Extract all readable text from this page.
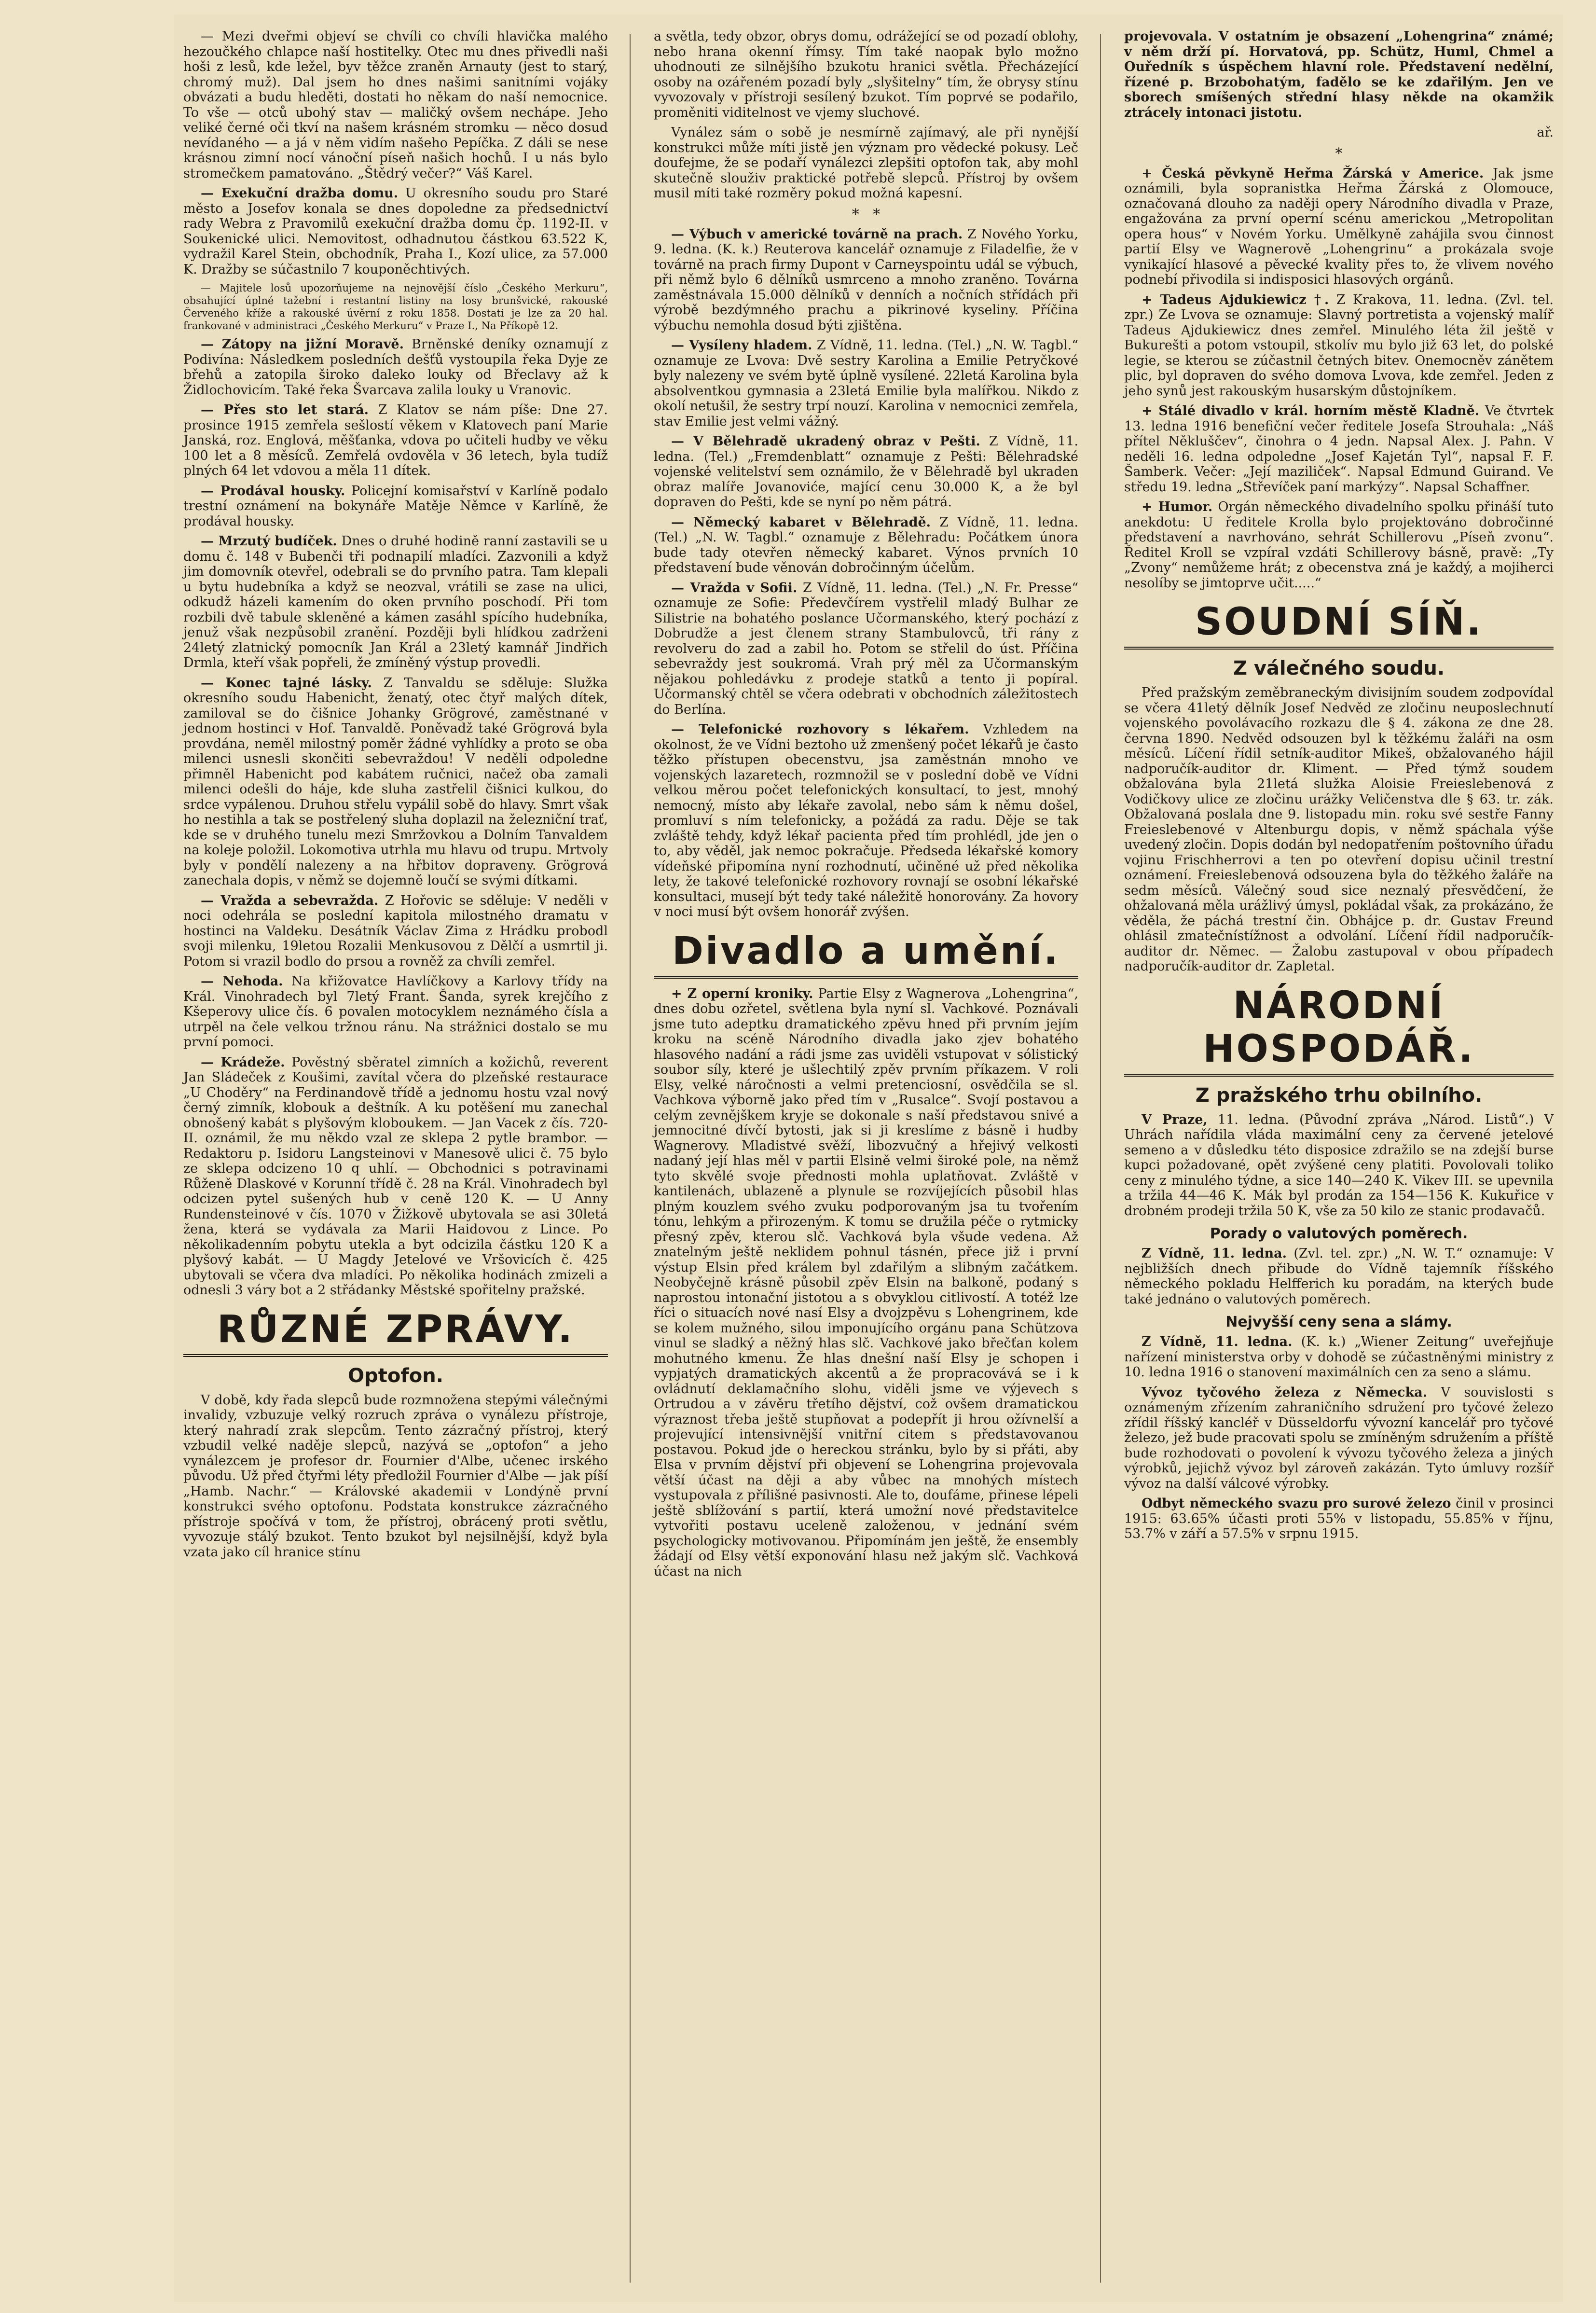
— Mezi dveřmi objeví se chvíli co chvíli hlavička malého hezoučkého chlapce naší hostitelky. Otec mu dnes přivedli naši hoši z lesů, kde ležel, byv těžce zraněn Arnauty (jest to starý, chromý muž). Dal jsem ho dnes našimi sanitními vojáky obvázati a budu hleděti, dostati ho někam do naší nemocnice. To vše — otců ubohý stav — maličký ovšem nechápe. Jeho veliké černé oči tkví na našem krásném stromku — něco dosud nevídaného — a já v něm vidím našeho Pepíčka. Z dáli se nese krásnou zimní nocí vánoční píseň našich hochů. I u nás bylo stromečkem pamatováno. „Štědrý večer?“ Váš Karel.

— Exekuční dražba domu. U okresního soudu pro Staré město a Josefov konala se dnes dopoledne za předsednictví rady Webra z Pravomilů exekuční dražba domu čp. 1192-II. v Soukenické ulici. Nemovitost, odhadnutou částkou 63.522 K, vydražil Karel Stein, obchodník, Praha I., Kozí ulice, za 57.000 K. Dražby se súčastnilo 7 kouponěchtivých.

— Majitele losů upozorňujeme na nejnovější číslo „Českého Merkuru“, obsahující úplné tažební i restantní listiny na losy brunšvické, rakouské Červeného kříže a rakouské úvěrní z roku 1858. Dostati je lze za 20 hal. frankované v administraci „Českého Merkuru“ v Praze I., Na Příkopě 12.

— Zátopy na jižní Moravě. Brněnské deníky oznamují z Podivína: Následkem posledních dešťů vystoupila řeka Dyje ze břehů a zatopila široko daleko louky od Břeclavy až k Židlochovicím. Také řeka Švarcava zalila louky u Vranovic.

— Přes sto let stará. Z Klatov se nám píše: Dne 27. prosince 1915 zemřela sešlostí věkem v Klatovech paní Marie Janská, roz. Englová, měšťanka, vdova po učiteli hudby ve věku 100 let a 8 měsíců. Zemřelá ovdověla v 36 letech, byla tudíž plných 64 let vdovou a měla 11 dítek.

— Prodával housky. Policejní komisařství v Karlíně podalo trestní oznámení na bokynáře Matěje Němce v Karlíně, že prodával housky.

— Mrzutý budíček. Dnes o druhé hodině ranní zastavili se u domu č. 148 v Bubenči tři podnapilí mladíci. Zazvonili a když jim domovník otevřel, odebrali se do prvního patra. Tam klepali u bytu hudebníka a když se neozval, vrátili se zase na ulici, odkudž házeli kamením do oken prvního poschodí. Při tom rozbili dvě tabule skleněné a kámen zasáhl spícího hudebníka, jenuž však nezpůsobil zranění. Později byli hlídkou zadrženi 24letý zlatnický pomocník Jan Král a 23letý kamnář Jindřich Drmla, kteří však popřeli, že zmíněný výstup provedli.

— Konec tajné lásky. Z Tanvaldu se sděluje: Služka okresního soudu Habenicht, ženatý, otec čtyř malých dítek, zamiloval se do čišnice Johanky Grögrové, zaměstnané v jednom hostinci v Hof. Tanvaldě. Poněvadž také Grögrová byla provdána, neměl milostný poměr žádné vyhlídky a proto se oba milenci usnesli skončiti sebevraždou! V neděli odpoledne přimněl Habenicht pod kabátem ručnici, načež oba zamali milenci odešli do háje, kde sluha zastřelil čišnici kulkou, do srdce vypálenou. Druhou střelu vypálil sobě do hlavy. Smrt však ho nestihla a tak se postřelený sluha doplazil na železniční trať, kde se v druhého tunelu mezi Smržovkou a Dolním Tanvaldem na koleje položil. Lokomotiva utrhla mu hlavu od trupu. Mrtvoly byly v pondělí nalezeny a na hřbitov dopraveny. Grögrová zanechala dopis, v němž se dojemně loučí se svými dítkami.

— Vražda a sebevražda. Z Hořovic se sděluje: V neděli v noci odehrála se poslední kapitola milostného dramatu v hostinci na Valdeku. Desátník Václav Zima z Hrádku probodl svoji milenku, 19letou Rozalii Menkusovou z Dělčí a usmrtil ji. Potom si vrazil bodlo do prsou a rovněž za chvíli zemřel.

— Nehoda. Na křižovatce Havlíčkovy a Karlovy třídy na Král. Vinohradech byl 7letý Frant. Šanda, syrek krejčího z Kšeperovy ulice čís. 6 povalen motocyklem neznámého čísla a utrpěl na čele velkou tržnou ránu. Na strážnici dostalo se mu první pomoci.

— Krádeže. Pověstný sběratel zimních a kožichů, reverent Jan Sládeček z Koušimi, zavítal včera do plzeňské restaurace „U Choděry“ na Ferdinandově třídě a jednomu hostu vzal nový černý zimník, klobouk a deštník. A ku potěšení mu zanechal obnošený kabát s plyšovým kloboukem. — Jan Vacek z čís. 720-II. oznámil, že mu někdo vzal ze sklepa 2 pytle brambor. — Redaktoru p. Isidoru Langsteinovi v Manesově ulici č. 75 bylo ze sklepa odcizeno 10 q uhlí. — Obchodnici s potravinami Růženě Dlaskové v Korunní třídě č. 28 na Král. Vinohradech byl odcizen pytel sušených hub v ceně 120 K. — U Anny Rundensteinové v čís. 1070 v Žižkově ubytovala se asi 30letá žena, která se vydávala za Marii Haidovou z Lince. Po několikadenním pobytu utekla a byt odcizila částku 120 K a plyšový kabát. — U Magdy Jetelové ve Vršovicích č. 425 ubytovali se včera dva mladíci. Po několika hodinách zmizeli a odnesli 3 váry bot a 2 střádanky Městské spořitelny pražské.

RŮZNÉ ZPRÁVY.
Optofon.

V době, kdy řada slepců bude rozmnožena stepými válečnými invalidy, vzbuzuje velký rozruch zpráva o vynálezu přístroje, který nahradí zrak slepcům. Tento zázračný přístroj, který vzbudil velké naděje slepců, nazývá se „optofon“ a jeho vynálezcem je profesor dr. Fournier d'Albe, učenec irského původu. Už před čtyřmi léty předložil Fournier d'Albe — jak píší „Hamb. Nachr.“ — Královské akademii v Londýně první konstrukci svého optofonu. Podstata konstrukce zázračného přístroje spočívá v tom, že přístroj, obrácený proti světlu, vyvozuje stálý bzukot. Tento bzukot byl nejsilnější, když byla vzata jako cíl hranice stínu

a světla, tedy obzor, obrys domu, odrážející se od pozadí oblohy, nebo hrana okenní římsy. Tím také naopak bylo možno uhodnouti ze silnějšího bzukotu hranici světla. Přecházející osoby na ozářeném pozadí byly „slyšitelny“ tím, že obrysy stínu vyvozovaly v přístroji sesílený bzukot. Tím poprvé se podařilo, proměniti viditelnost ve vjemy sluchové.

Vynález sám o sobě je nesmírně zajímavý, ale při nynější konstrukci může míti jistě jen význam pro vědecké pokusy. Leč doufejme, že se podaří vynálezci zlepšiti optofon tak, aby mohl skutečně slouživ praktické potřebě slepců. Přístroj by ovšem musil míti také rozměry pokud možná kapesní.

*   *

— Výbuch v americké továrně na prach. Z Nového Yorku, 9. ledna. (K. k.) Reuterova kancelář oznamuje z Filadelfie, že v továrně na prach firmy Dupont v Carneyspointu udál se výbuch, při němž bylo 6 dělníků usmrceno a mnoho zraněno. Továrna zaměstnávala 15.000 dělníků v denních a nočních střídách při výrobě bezdýmného prachu a pikrinové kyseliny. Příčina výbuchu nemohla dosud býti zjištěna.

— Vysíleny hladem. Z Vídně, 11. ledna. (Tel.) „N. W. Tagbl.“ oznamuje ze Lvova: Dvě sestry Karolina a Emilie Petryčkové byly nalezeny ve svém bytě úplně vysílené. 22letá Karolina byla absolventkou gymnasia a 23letá Emilie byla malířkou. Nikdo z okolí netušil, že sestry trpí nouzí. Karolina v nemocnici zemřela, stav Emilie jest velmi vážný.

— V Bělehradě ukradený obraz v Pešti. Z Vídně, 11. ledna. (Tel.) „Fremdenblatt“ oznamuje z Pešti: Bělehradské vojenské velitelství sem oznámilo, že v Bělehradě byl ukraden obraz malíře Jovanoviće, mající cenu 30.000 K, a že byl dopraven do Pešti, kde se nyní po něm pátrá.

— Německý kabaret v Bělehradě. Z Vídně, 11. ledna. (Tel.) „N. W. Tagbl.“ oznamuje z Bělehradu: Počátkem února bude tady otevřen německý kabaret. Výnos prvních 10 představení bude věnován dobročinným účelům.

— Vražda v Sofii. Z Vídně, 11. ledna. (Tel.) „N. Fr. Presse“ oznamuje ze Sofie: Předevčírem vystřelil mladý Bulhar ze Silistrie na bohatého poslance Učormanského, který pochází z Dobrudže a jest členem strany Stambulovců, tři rány z revolveru do zad a zabil ho. Potom se střelil do úst. Příčina sebevraždy jest soukromá. Vrah prý měl za Učormanským nějakou pohledávku z prodeje statků a tento ji popíral. Učormanský chtěl se včera odebrati v obchodních záležitostech do Berlína.

— Telefonické rozhovory s lékařem. Vzhledem na okolnost, že ve Vídni beztoho už zmenšený počet lékařů je často těžko přístupen obecenstvu, jsa zaměstnán mnoho ve vojenských lazaretech, rozmnožil se v poslední době ve Vídni velkou měrou počet telefonických konsultací, to jest, mnohý nemocný, místo aby lékaře zavolal, nebo sám k němu došel, promluví s ním telefonicky, a požádá za radu. Děje se tak zvláště tehdy, když lékař pacienta před tím prohlédl, jde jen o to, aby věděl, jak nemoc pokračuje. Předseda lékařské komory vídeňské připomína nyní rozhodnutí, učiněné už před několika lety, že takové telefonické rozhovory rovnají se osobní lékařské konsultaci, musejí být tedy také náležitě honorovány. Za hovory v noci musí být ovšem honorář zvýšen.

Divadlo a umění.

+ Z operní kroniky. Partie Elsy z Wagnerova „Lohengrina“, dnes dobu ozřetel, světlena byla nyní sl. Vachkové. Poznávali jsme tuto adeptku dramatického zpěvu hned při prvním jejím kroku na scéně Národního divadla jako zjev bohatého hlasového nadání a rádi jsme zas uviděli vstupovat v sólistický soubor síly, které je ušlechtilý zpěv prvním příkazem. V roli Elsy, velké náročnosti a velmi pretenciosní, osvědčila se sl. Vachkova výborně jako před tím v „Rusalce“. Svojí postavou a celým zevnějškem kryje se dokonale s naší představou snivé a jemnocitné dívčí bytosti, jak si ji kreslíme z básně i hudby Wagnerovy. Mladistvé svěží, libozvučný a hřejivý velkosti nadaný její hlas měl v partii Elsině velmi široké pole, na němž tyto skvělé svoje přednosti mohla uplatňovat. Zvláště v kantilenách, ublazeně a plynule se rozvíjejících působil hlas plným kouzlem svého zvuku podporovaným jsa tu tvořením tónu, lehkým a přirozeným. K tomu se družila péče o rytmicky přesný zpěv, kterou slč. Vachková byla všude vedena. Až znatelným ještě neklidem pohnul tásnén, přece již i první výstup Elsin před králem byl zdařilým a slibným začátkem. Neobyčejně krásně působil zpěv Elsin na balkoně, podaný s naprostou intonační jistotou a s obvyklou citlivostí. A totéž lze říci o situacích nové nasí Elsy a dvojzpěvu s Lohengrinem, kde se kolem mužného, silou imponujícího orgánu pana Schützova vinul se sladký a něžný hlas slč. Vachkové jako břečťan kolem mohutného kmenu. Že hlas dnešní naší Elsy je schopen i vypjatých dramatických akcentů a že propracovává se i k ovládnutí deklamačního slohu, viděli jsme ve výjevech s Ortrudou a v závěru třetího dějství, což ovšem dramatickou výraznost třeba ještě stupňovat a podepřít ji hrou ožívnelší a projevující intensivnější vnitřní citem s představovanou postavou. Pokud jde o hereckou stránku, bylo by si přáti, aby Elsa v prvním dějství při objevení se Lohengrina projevovala větší účast na ději a aby vůbec na mnohých místech vystupovala z přílišné pasivnosti. Ale to, doufáme, přinese lépeli ještě sblížování s partií, která umožní nové představitelce vytvořiti postavu uceleně založenou, v jednání svém psychologicky motivovanou. Připomínám jen ještě, že ensembly žádají od Elsy větší exponování hlasu než jakým slč. Vachková účast na nich

projevovala. V ostatním je obsazení „Lohengrina“ známé; v něm drží pí. Horvatová, pp. Schütz, Huml, Chmel a Ouředník s úspěchem hlavní role. Představení nedělní, řízené p. Brzobohatým, fadělo se ke zdařilým. Jen ve sborech smíšených střední hlasy někde na okamžik ztrácely intonaci jistotu.

ař.

*

+ Česká pěvkyně Heřma Žárská v Americe. Jak jsme oznámili, byla sopranistka Heřma Žárská z Olomouce, označovaná dlouho za naději opery Národního divadla v Praze, engažována za první operní scénu americkou „Metropolitan opera hous“ v Novém Yorku. Umělkyně zahájila svou činnost partií Elsy ve Wagnerově „Lohengrinu“ a prokázala svoje vynikající hlasové a pěvecké kvality přes to, že vlivem nového podnebí přivodila si indisposici hlasových orgánů.

+ Tadeus Ajdukiewicz †. Z Krakova, 11. ledna. (Zvl. tel. zpr.) Ze Lvova se oznamuje: Slavný portretista a vojenský malíř Tadeus Ajdukiewicz dnes zemřel. Minulého léta žil ještě v Bukurešti a potom vstoupil, stkolív mu bylo již 63 let, do polské legie, se kterou se zúčastnil četných bitev. Onemocněv zánětem plic, byl dopraven do svého domova Lvova, kde zemřel. Jeden z jeho synů jest rakouským husarským důstojníkem.

+ Stálé divadlo v král. horním městě Kladně. Ve čtvrtek 13. ledna 1916 benefiční večer ředitele Josefa Strouhala: „Náš přítel Někluščev“, činohra o 4 jedn. Napsal Alex. J. Pahn. V neděli 16. ledna odpoledne „Josef Kajetán Tyl“, napsal F. F. Šamberk. Večer: „Její maziliček“. Napsal Edmund Guirand. Ve středu 19. ledna „Střevíček paní markýzy“. Napsal Schaffner.

+ Humor. Orgán německého divadelního spolku přináší tuto anekdotu: U ředitele Krolla bylo projektováno dobročinné představení a navrhováno, sehrát Schillerovu „Píseň zvonu“. Ředitel Kroll se vzpíral vzdáti Schillerovy básně, pravě: „Ty „Zvony“ nemůžeme hrát; z obecenstva zná je každý, a mojiherci nesolíby se jimtoprve učit.....“

SOUDNÍ SÍŇ.
Z válečného soudu.

Před pražským zeměbraneckým divisijním soudem zodpovídal se včera 41letý dělník Josef Nedvěd ze zločinu neuposlechnutí vojenského povolávacího rozkazu dle § 4. zákona ze dne 28. června 1890. Nedvěd odsouzen byl k těžkému žaláři na osm měsíců. Líčení řídil setník-auditor Mikeš, obžalovaného hájil nadporučík-auditor dr. Kliment. — Před týmž soudem obžalována byla 21letá služka Aloisie Freieslebenová z Vodičkovy ulice ze zločinu urážky Veličenstva dle § 63. tr. zák. Obžalovaná poslala dne 9. listopadu min. roku své sestře Fanny Freieslebenové v Altenburgu dopis, v němž spáchala výše uvedený zločin. Dopis dodán byl nedopatřením poštovního úřadu vojinu Frischherrovi a ten po otevření dopisu učinil trestní oznámení. Freieslebenová odsouzena byla do těžkého žaláře na sedm měsíců. Válečný soud sice neznalý přesvědčení, že ohžalovaná měla urážlivý úmysl, pokládal však, za prokázáno, že věděla, že páchá trestní čin. Obhájce p. dr. Gustav Freund ohlásil zmatečnístížnost a odvolání. Líčení řídil nadporučík-auditor dr. Němec. — Žalobu zastupoval v obou případech nadporučík-auditor dr. Zapletal.

NÁRODNÍ HOSPODÁŘ.
Z pražského trhu obilního.

V Praze, 11. ledna. (Původní zpráva „Národ. Listů“.) V Uhrách nařídila vláda maximální ceny za červené jetelové semeno a v důsledku této disposice zdražilo se na zdejší burse kupci požadované, opět zvýšené ceny platiti. Povolovali toliko ceny z minulého týdne, a sice 140—240 K. Vikev III. se upevnila a tržila 44—46 K. Mák byl prodán za 154—156 K. Kukuřice v drobném prodeji tržila 50 K, vše za 50 kilo ze stanic prodavačů.

Porady o valutových poměrech.

Z Vídně, 11. ledna. (Zvl. tel. zpr.) „N. W. T.“ oznamuje: V nejbližších dnech přibude do Vídně tajemník říšského německého pokladu Helfferich ku poradám, na kterých bude také jednáno o valutových poměrech.

Nejvyšší ceny sena a slámy.

Z Vídně, 11. ledna. (K. k.) „Wiener Zeitung“ uveřejňuje nařízení ministerstva orby v dohodě se zúčastněnými ministry z 10. ledna 1916 o stanovení maximálních cen za seno a slámu.

Vývoz tyčového železa z Německa. V souvislosti s oznámeným zřízením zahraničního sdružení pro tyčové železo zřídil říšský kancléř v Düsseldorfu vývozní kancelář pro tyčové železo, jež bude pracovati spolu se zmíněným sdružením a příště bude rozhodovati o povolení k vývozu tyčového železa a jiných výrobků, jejichž vývoz byl zároveň zakázán. Tyto úmluvy rozšíř vývoz na další válcové výrobky.

Odbyt německého svazu pro surové železo činil v prosinci 1915: 63.65% účasti proti 55% v listopadu, 55.85% v říjnu, 53.7% v září a 57.5% v srpnu 1915.
